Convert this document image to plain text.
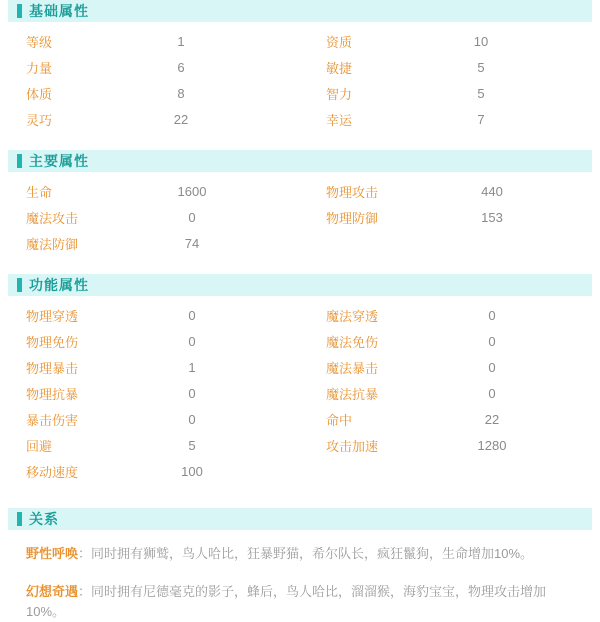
基础属性
等级	1	资质	10
力量	6	敏捷	5
体质	8	智力	5
灵巧	22	幸运	7
主要属性
生命	1600	物理攻击	440
魔法攻击	0	物理防御	153
魔法防御	74
功能属性
物理穿透	0	魔法穿透	0
物理免伤	0	魔法免伤	0
物理暴击	1	魔法暴击	0
物理抗暴	0	魔法抗暴	0
暴击伤害	0	命中	22
回避	5	攻击加速	1280
移动速度	100
关系
野性呼唤：同时拥有狮鹫，鸟人哈比，狂暴野猫，希尔队长，疯狂鬣狗，生命增加10%。
幻想奇遇：同时拥有尼德毫克的影子，蜂后，鸟人哈比，溜溜猴，海豹宝宝，物理攻击增加10%。
